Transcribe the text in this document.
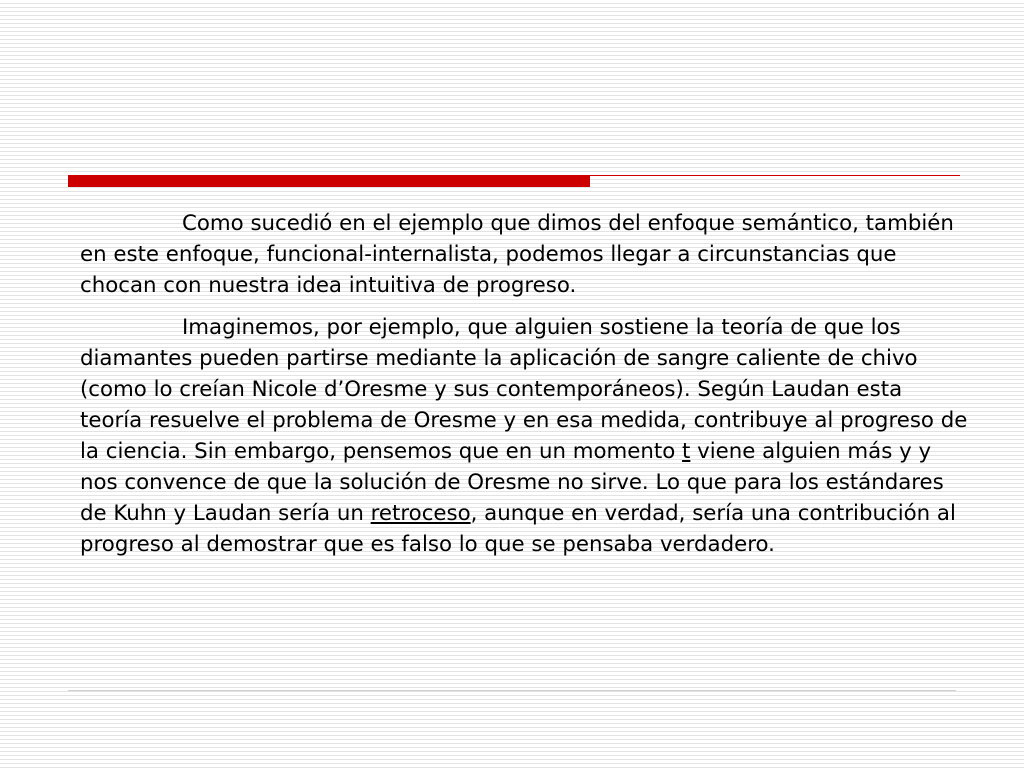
Como sucedió en el ejemplo que dimos del enfoque semántico, también en este enfoque, funcional-internalista, podemos llegar a circunstancias que chocan con nuestra idea intuitiva de progreso.

Imaginemos, por ejemplo, que alguien sostiene la teoría de que los diamantes pueden partirse mediante la aplicación de sangre caliente de chivo (como lo creían Nicole d’Oresme y sus contemporáneos). Según Laudan esta teoría resuelve el problema de Oresme y en esa medida, contribuye al progreso de la ciencia. Sin embargo, pensemos que en un momento t viene alguien más y y nos convence de que la solución de Oresme no sirve. Lo que para los estándares de Kuhn y Laudan sería un retroceso, aunque en verdad, sería una contribución al progreso al demostrar que es falso lo que se pensaba verdadero.
